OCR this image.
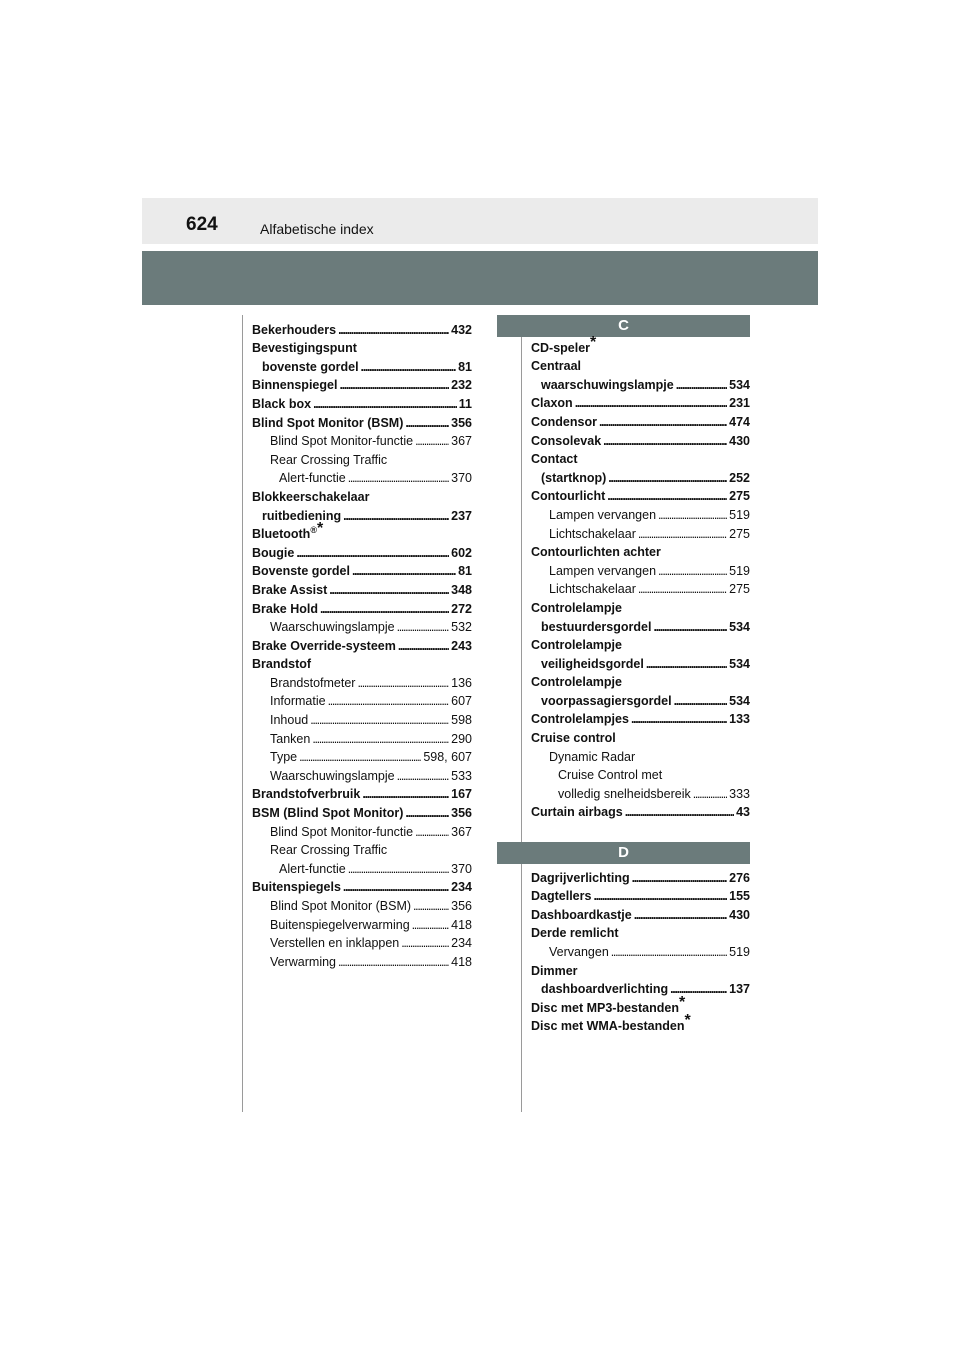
624	Alfabetische index
Bekerhouders . . .	432
Bevestigingspunt
bovenste gordel . . .	81
Binnenspiegel . . .	232
Black box . . .	11
Blind Spot Monitor (BSM) . . .	356
Blind Spot Monitor-functie . . .	367
Rear Crossing Traffic
Alert-functie . . .	370
Blokkeerschakelaar
ruitbediening . . .	237
Bluetooth®*
Bougie . . .	602
Bovenste gordel . . .	81
Brake Assist . . .	348
Brake Hold . . .	272
Waarschuwingslampje . . .	532
Brake Override-systeem . . .	243
Brandstof
Brandstofmeter . . .	136
Informatie . . .	607
Inhoud . . .	598
Tanken . . .	290
Type . . .	598, 607
Waarschuwingslampje . . .	533
Brandstofverbruik . . .	167
BSM (Blind Spot Monitor) . . .	356
Blind Spot Monitor-functie . . .	367
Rear Crossing Traffic
Alert-functie . . .	370
Buitenspiegels . . .	234
Blind Spot Monitor (BSM) . . .	356
Buitenspiegelverwarming . . .	418
Verstellen en inklappen . . .	234
Verwarming . . .	418
C
CD-speler*
Centraal
waarschuwingslampje . . .	534
Claxon . . .	231
Condensor . . .	474
Consolevak . . .	430
Contact
(startknop) . . .	252
Contourlicht . . .	275
Lampen vervangen . . .	519
Lichtschakelaar . . .	275
Contourlichten achter
Lampen vervangen . . .	519
Lichtschakelaar . . .	275
Controlelampje
bestuurdersgordel . . .	534
Controlelampje
veiligheidsgordel . . .	534
Controlelampje
voorpassagiersgordel . . .	534
Controlelampjes . . .	133
Cruise control
Dynamic Radar
Cruise Control met
volledig snelheidsbereik . . .	333
Curtain airbags . . .	43
D
Dagrijverlichting . . .	276
Dagtellers . . .	155
Dashboardkastje . . .	430
Derde remlicht
Vervangen . . .	519
Dimmer
dashboardverlichting . . .	137
Disc met MP3-bestanden*
Disc met WMA-bestanden*
